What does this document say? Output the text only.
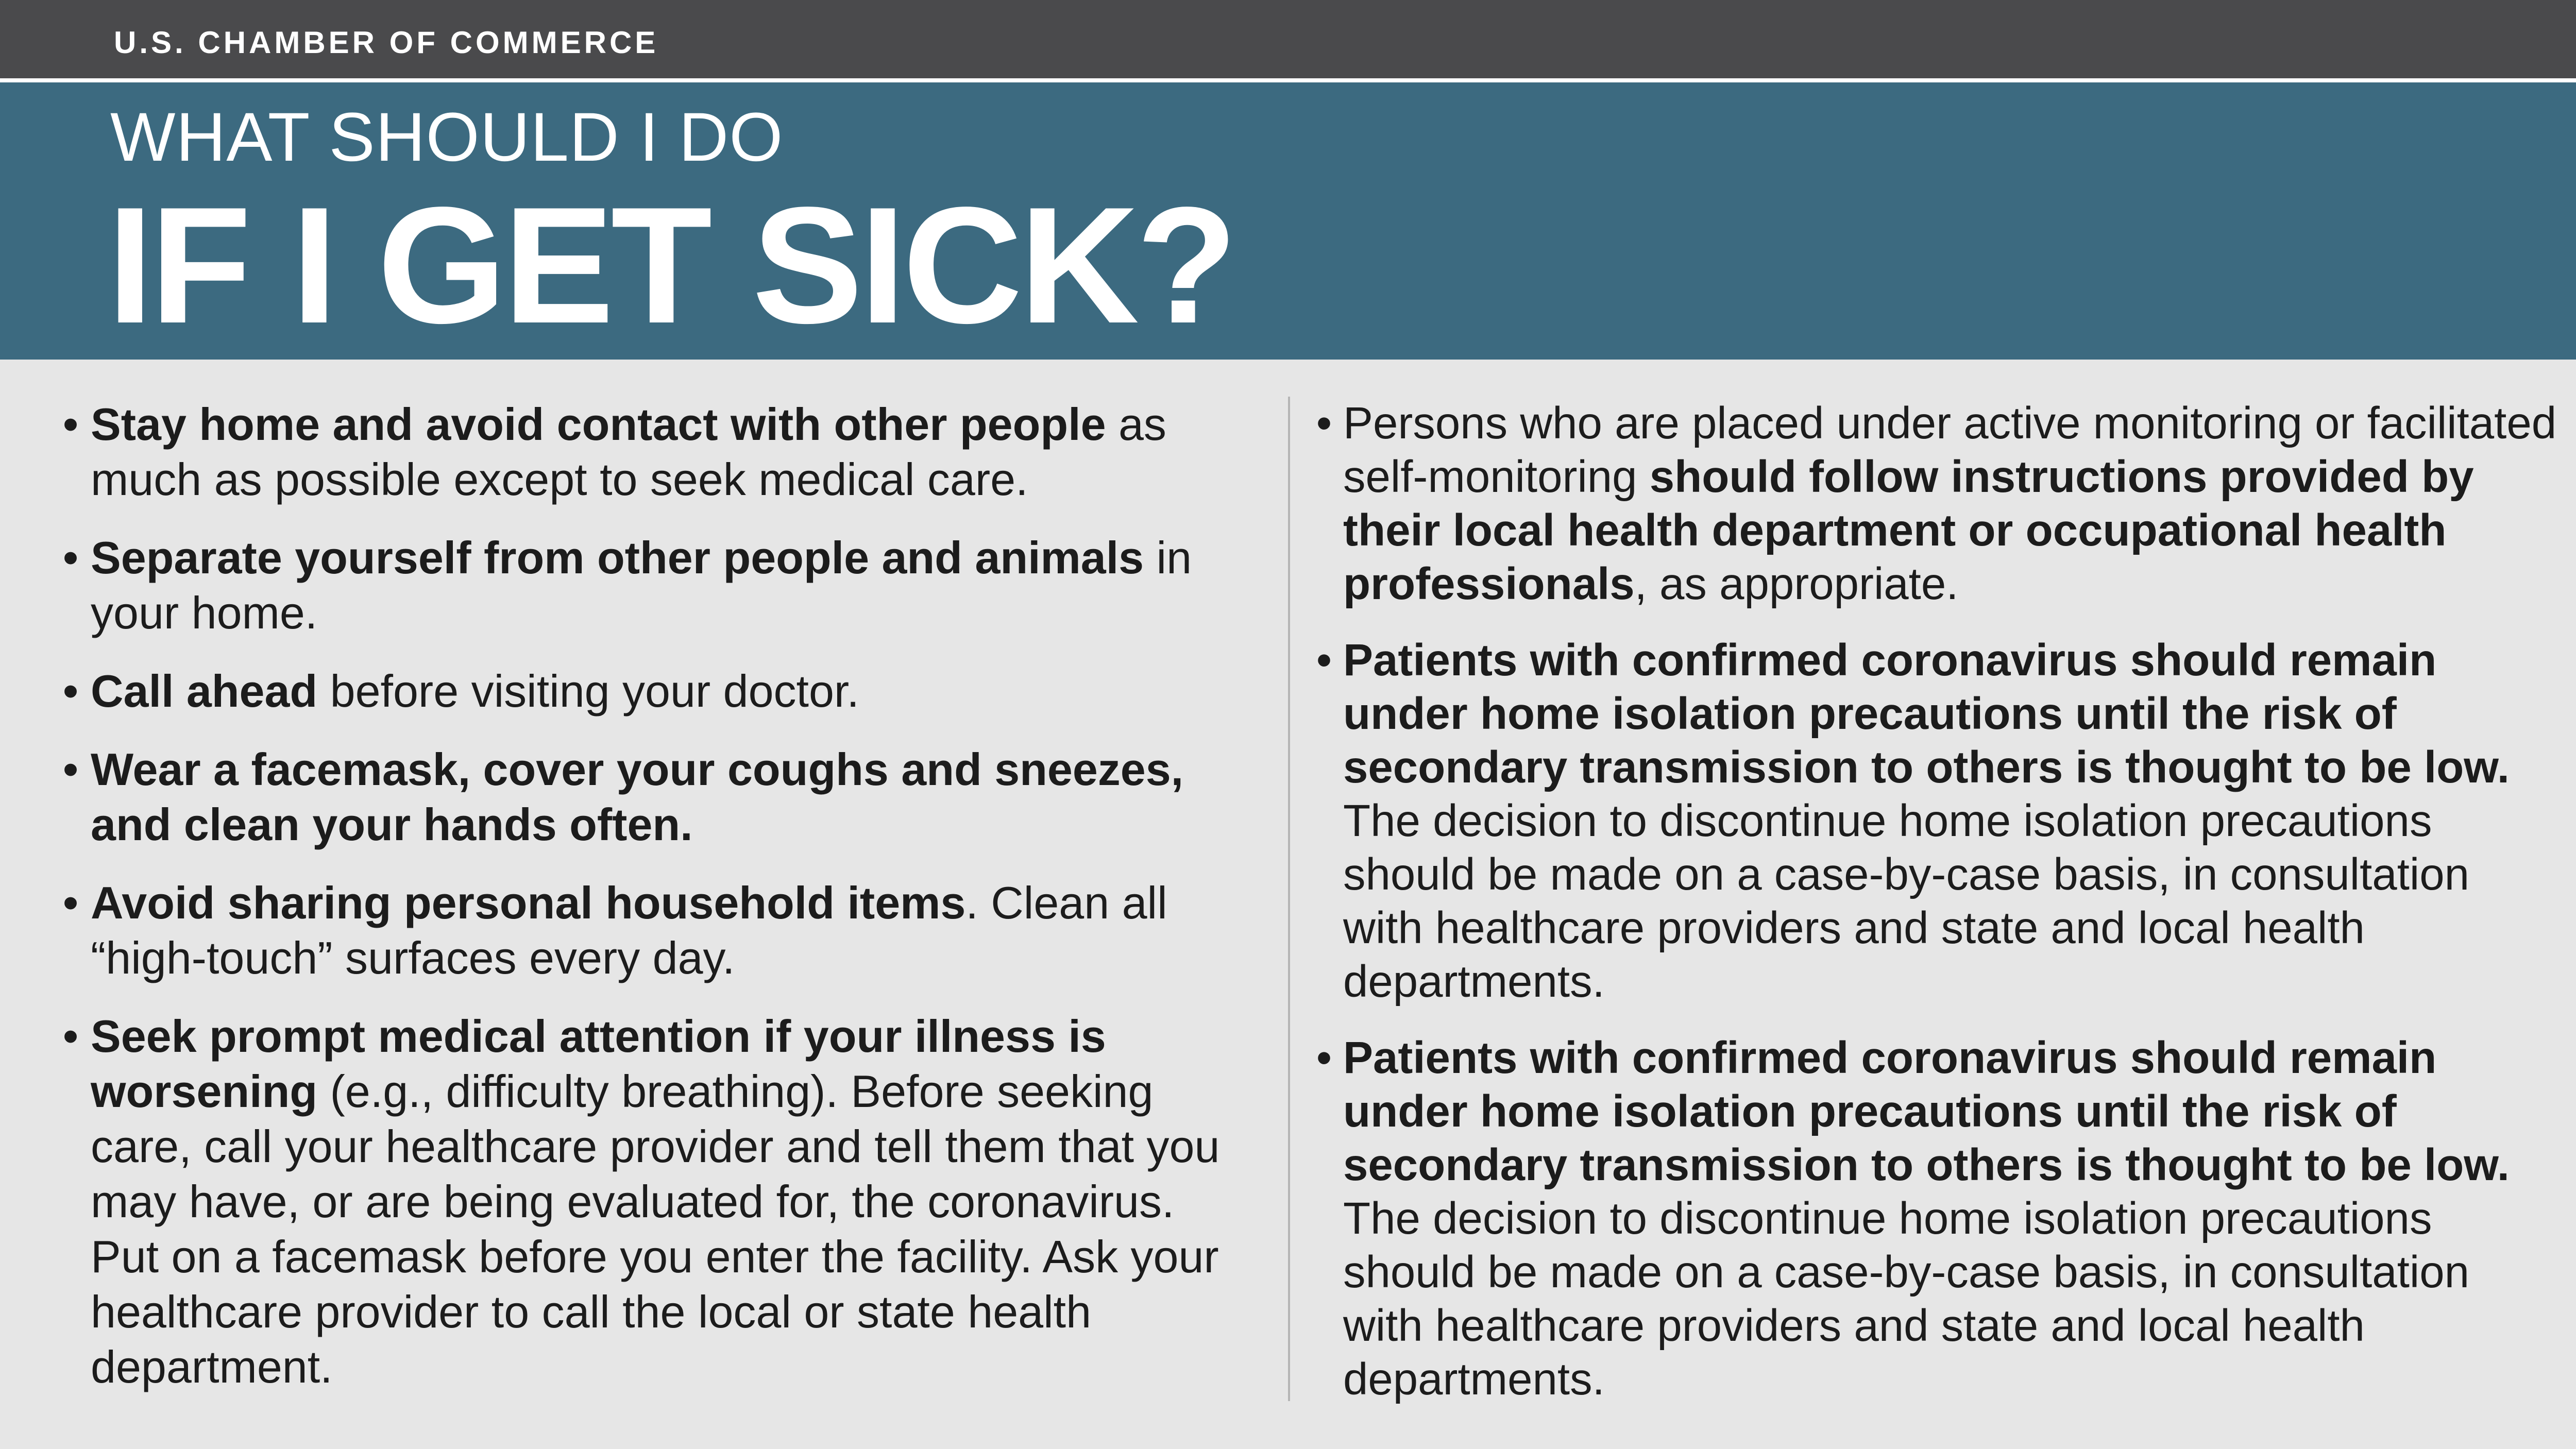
U.S. CHAMBER OF COMMERCE
WHAT SHOULD I DO
IF I GET SICK?
• Stay home and avoid contact with other people as much as possible except to seek medical care.
• Separate yourself from other people and animals in your home.
• Call ahead before visiting your doctor.
• Wear a facemask, cover your coughs and sneezes, and clean your hands often.
• Avoid sharing personal household items. Clean all “high-touch” surfaces every day.
• Seek prompt medical attention if your illness is worsening (e.g., difficulty breathing). Before seeking care, call your healthcare provider and tell them that you may have, or are being evaluated for, the coronavirus. Put on a facemask before you enter the facility. Ask your healthcare provider to call the local or state health department.
• Persons who are placed under active monitoring or facilitated self-monitoring should follow instructions provided by their local health department or occupational health professionals, as appropriate.
• Patients with confirmed coronavirus should remain under home isolation precautions until the risk of secondary transmission to others is thought to be low. The decision to discontinue home isolation precautions should be made on a case-by-case basis, in consultation with healthcare providers and state and local health departments.
• Patients with confirmed coronavirus should remain under home isolation precautions until the risk of secondary transmission to others is thought to be low. The decision to discontinue home isolation precautions should be made on a case-by-case basis, in consultation with healthcare providers and state and local health departments.
